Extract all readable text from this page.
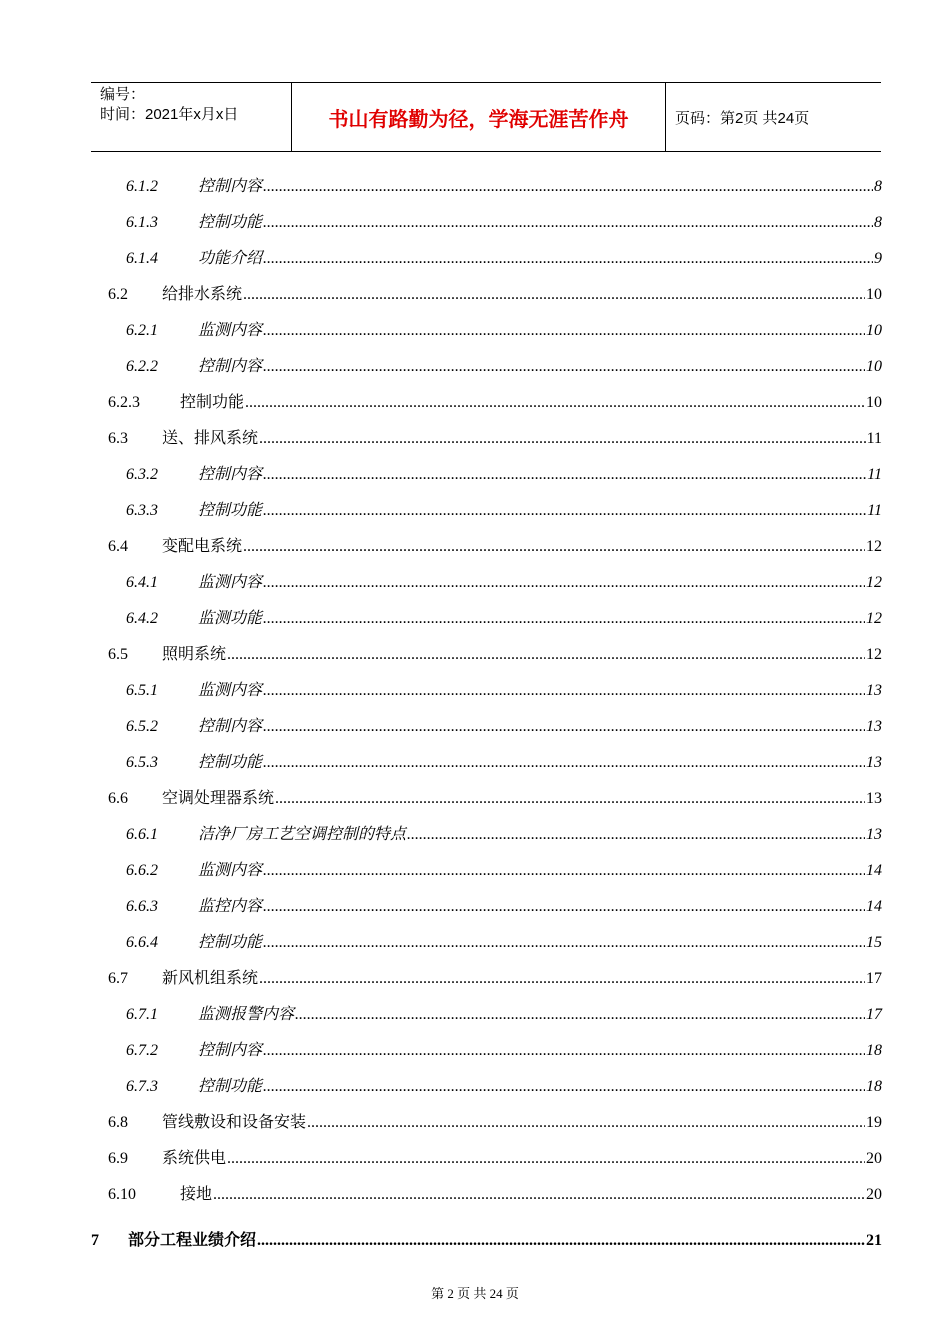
编号：
时间：2021年x月x日	书山有路勤为径，学海无涯苦作舟	页码：第2页 共24页
6.1.2	控制内容 .....	8
6.1.3	控制功能 .....	8
6.1.4	功能介绍 .....	9
6.2 给排水系统 .....	10
6.2.1	监测内容 .....	10
6.2.2	控制内容 .....	10
6.2.3	控制功能 .....	10
6.3 送、排风系统 .....	11
6.3.2	控制内容 .....	11
6.3.3	控制功能 .....	11
6.4 变配电系统 .....	12
6.4.1	监测内容 .....	12
6.4.2	监测功能 .....	12
6.5 照明系统 .....	12
6.5.1	监测内容 .....	13
6.5.2	控制内容 .....	13
6.5.3	控制功能 .....	13
6.6 空调处理器系统 .....	13
6.6.1	洁净厂房工艺空调控制的特点 .....	13
6.6.2	监测内容 .....	14
6.6.3	监控内容 .....	14
6.6.4	控制功能 .....	15
6.7 新风机组系统 .....	17
6.7.1	监测报警内容 .....	17
6.7.2	控制内容 .....	18
6.7.3	控制功能 .....	18
6.8 管线敷设和设备安装 .....	19
6.9 系统供电 .....	20
6.10	接地 .....	20
7 部分工程业绩介绍 .....	21
第 2 页 共 24 页
